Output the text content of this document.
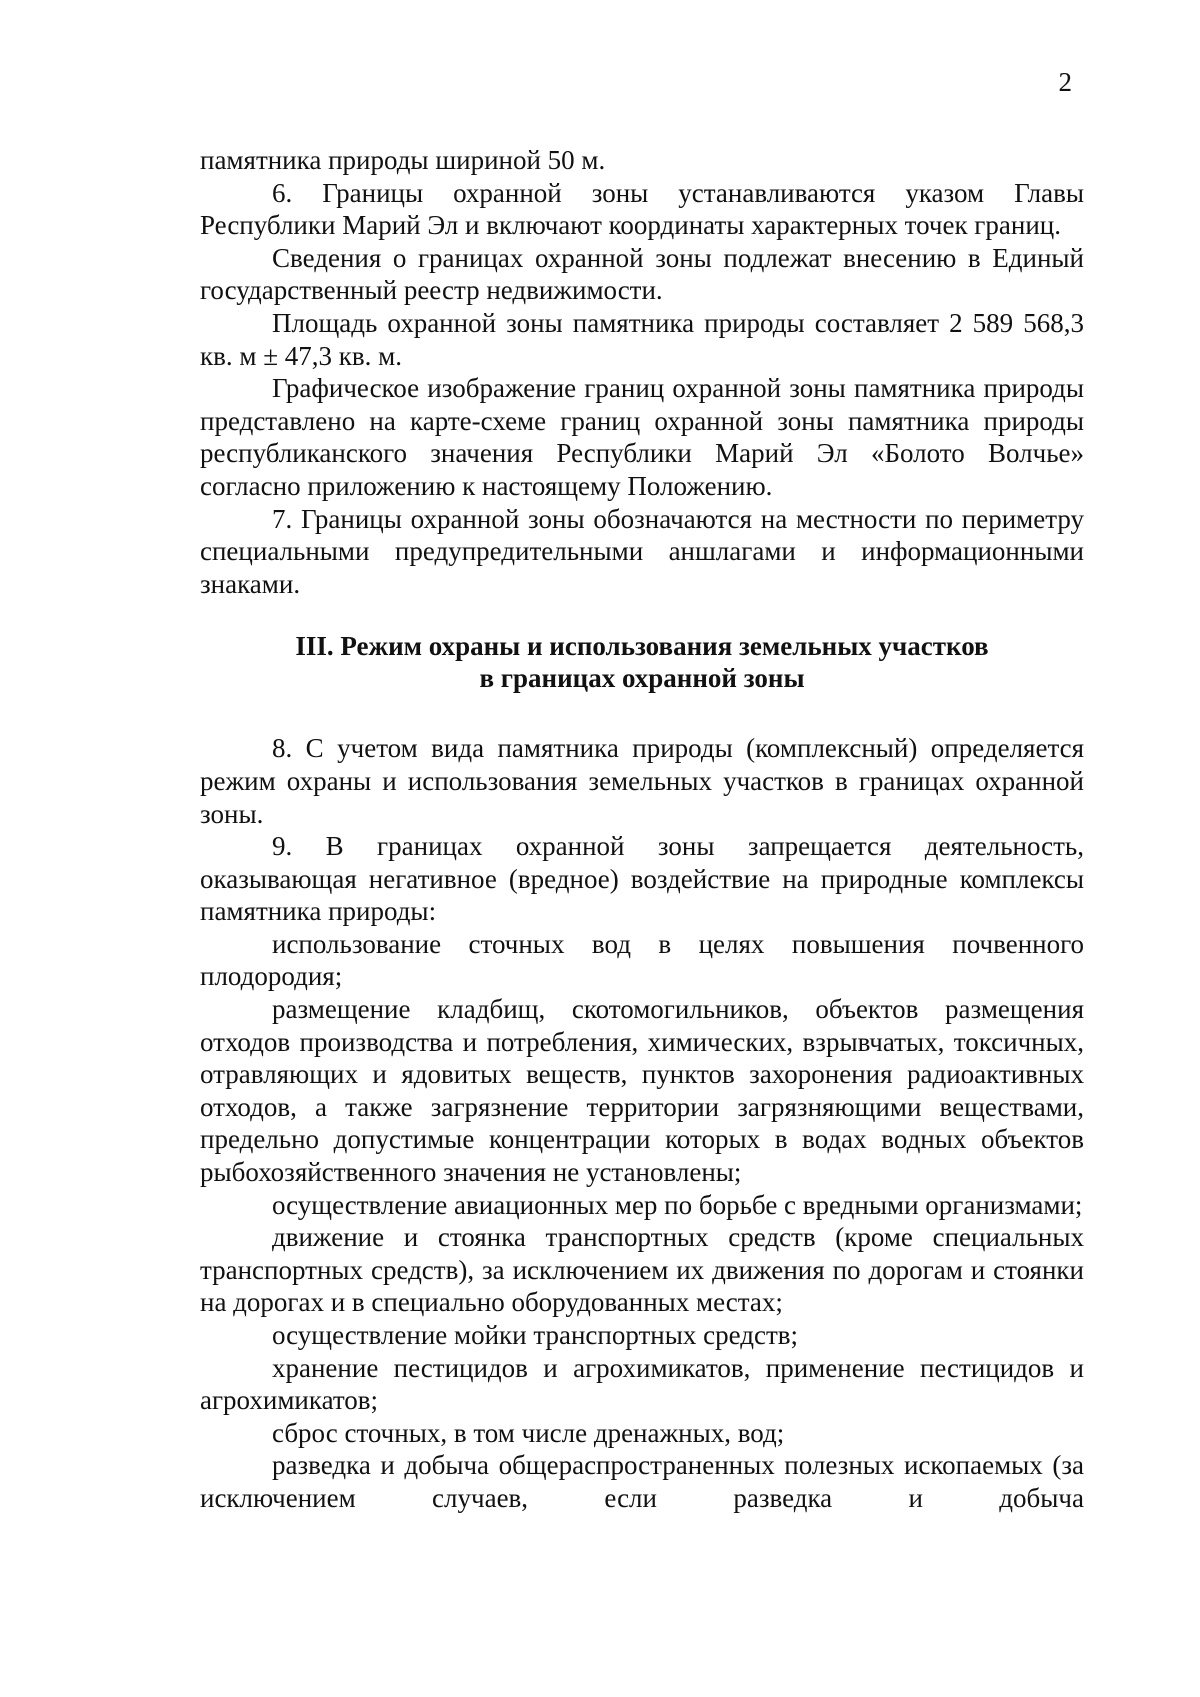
2

памятника природы шириной 50 м.

6. Границы охранной зоны устанавливаются указом Главы Республики Марий Эл и включают координаты характерных точек границ.

Сведения о границах охранной зоны подлежат внесению в Единый государственный реестр недвижимости.

Площадь охранной зоны памятника природы составляет 2 589 568,3 кв. м ± 47,3 кв. м.

Графическое изображение границ охранной зоны памятника природы представлено на карте-схеме границ охранной зоны памятника природы республиканского значения Республики Марий Эл «Болото Волчье» согласно приложению к настоящему Положению.

7. Границы охранной зоны обозначаются на местности по периметру специальными предупредительными аншлагами и информационными знаками.

III. Режим охраны и использования земельных участков
в границах охранной зоны

8. С учетом вида памятника природы (комплексный) определяется режим охраны и использования земельных участков в границах охранной зоны.

9. В границах охранной зоны запрещается деятельность, оказывающая негативное (вредное) воздействие на природные комплексы памятника природы:

использование сточных вод в целях повышения почвенного плодородия;

размещение кладбищ, скотомогильников, объектов размещения отходов производства и потребления, химических, взрывчатых, токсичных, отравляющих и ядовитых веществ, пунктов захоронения радиоактивных отходов, а также загрязнение территории загрязняющими веществами, предельно допустимые концентрации которых в водах водных объектов рыбохозяйственного значения не установлены;

осуществление авиационных мер по борьбе с вредными организмами;

движение и стоянка транспортных средств (кроме специальных транспортных средств), за исключением их движения по дорогам и стоянки на дорогах и в специально оборудованных местах;

осуществление мойки транспортных средств;

хранение пестицидов и агрохимикатов, применение пестицидов и агрохимикатов;

сброс сточных, в том числе дренажных, вод;

разведка и добыча общераспространенных полезных ископаемых (за исключением случаев, если разведка и добыча
